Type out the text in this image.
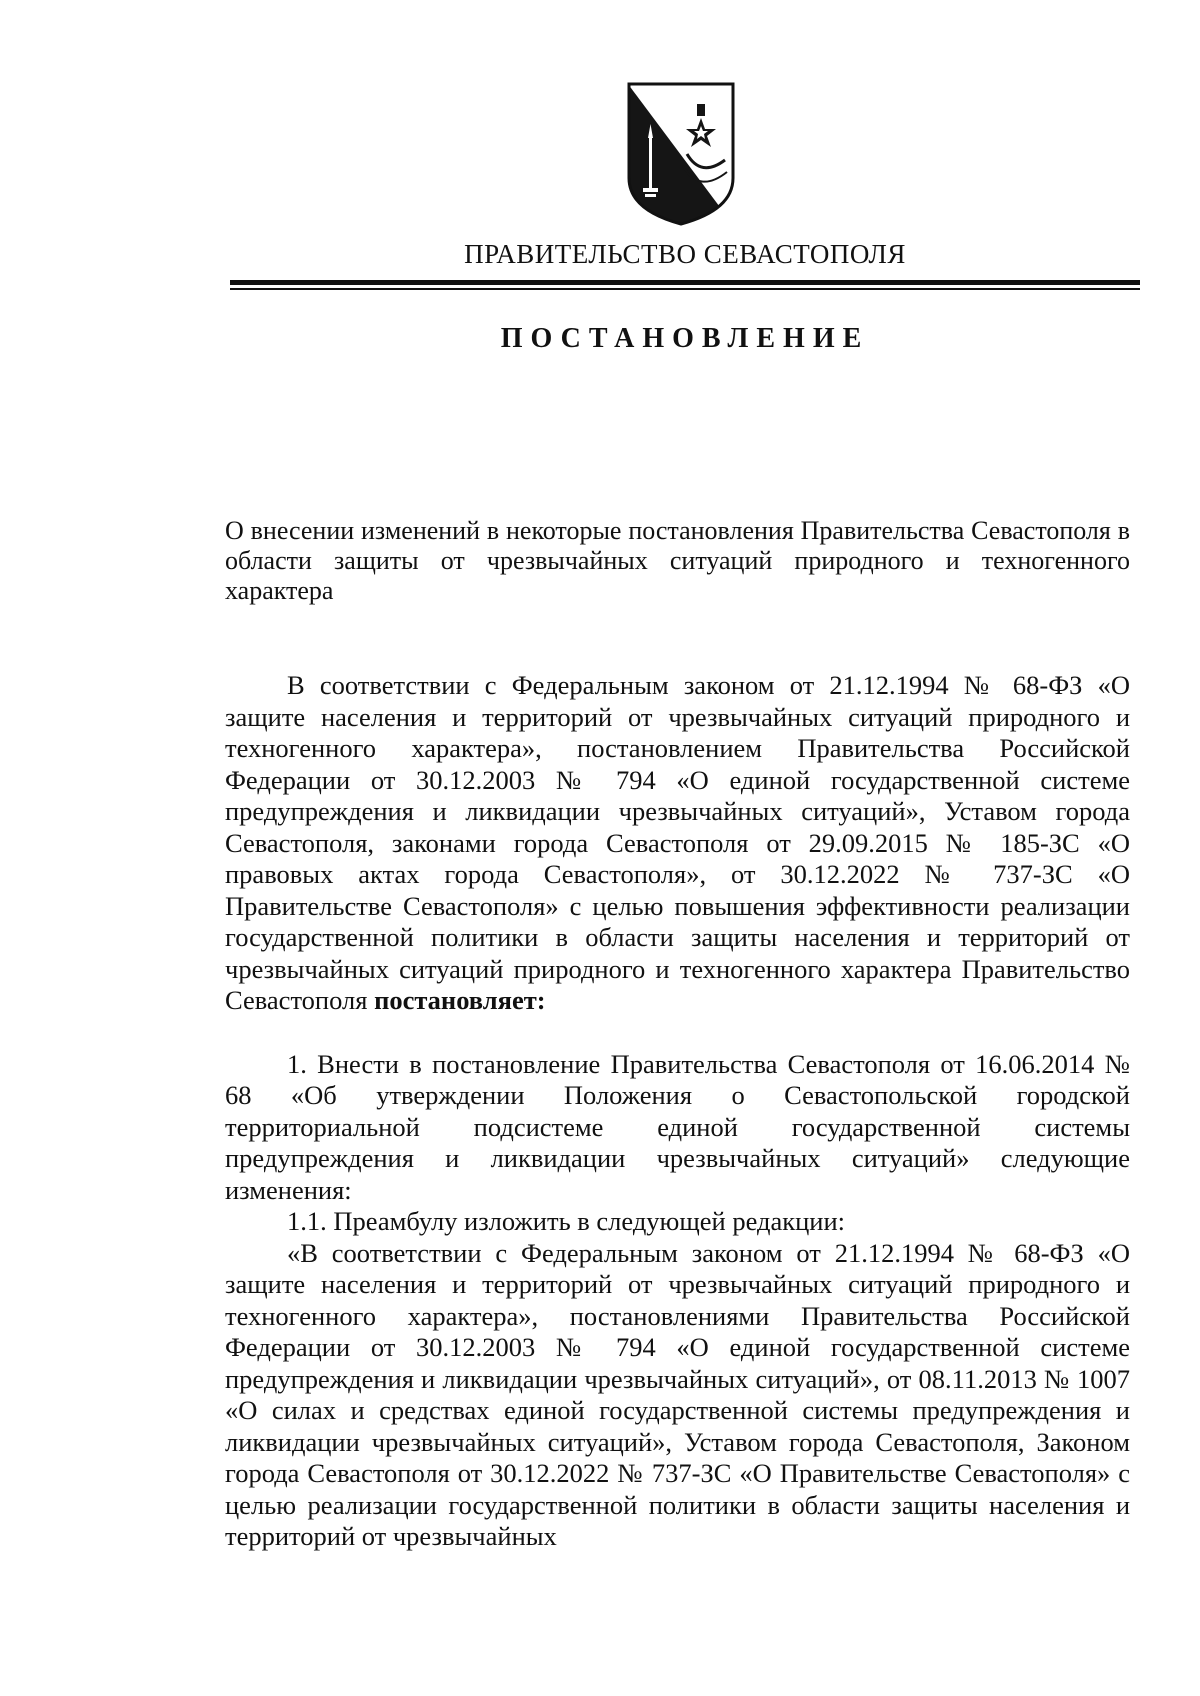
ПРАВИТЕЛЬСТВО СЕВАСТОПОЛЯ
ПОСТАНОВЛЕНИЕ
О внесении изменений в некоторые постановления Правительства Севастополя в области защиты от чрезвычайных ситуаций природного и техногенного характера

В соответствии с Федеральным законом от 21.12.1994 № 68-ФЗ «О защите населения и территорий от чрезвычайных ситуаций природного и техногенного характера», постановлением Правительства Российской Федерации от 30.12.2003 № 794 «О единой государственной системе предупреждения и ликвидации чрезвычайных ситуаций», Уставом города Севастополя, законами города Севастополя от 29.09.2015 № 185-ЗС «О правовых актах города Севастополя», от 30.12.2022 № 737-ЗС «О Правительстве Севастополя» с целью повышения эффективности реализации государственной политики в области защиты населения и территорий от чрезвычайных ситуаций природного и техногенного характера Правительство Севастополя постановляет:

1. Внести в постановление Правительства Севастополя от 16.06.2014 № 68 «Об утверждении Положения о Севастопольской городской территориальной подсистеме единой государственной системы предупреждения и ликвидации чрезвычайных ситуаций» следующие изменения:

1.1. Преамбулу изложить в следующей редакции:

«В соответствии с Федеральным законом от 21.12.1994 № 68-ФЗ «О защите населения и территорий от чрезвычайных ситуаций природного и техногенного характера», постановлениями Правительства Российской Федерации от 30.12.2003 № 794 «О единой государственной системе предупреждения и ликвидации чрезвычайных ситуаций», от 08.11.2013 № 1007 «О силах и средствах единой государственной системы предупреждения и ликвидации чрезвычайных ситуаций», Уставом города Севастополя, Законом города Севастополя от 30.12.2022 № 737-ЗС «О Правительстве Севастополя» с целью реализации государственной политики в области защиты населения и территорий от чрезвычайных
